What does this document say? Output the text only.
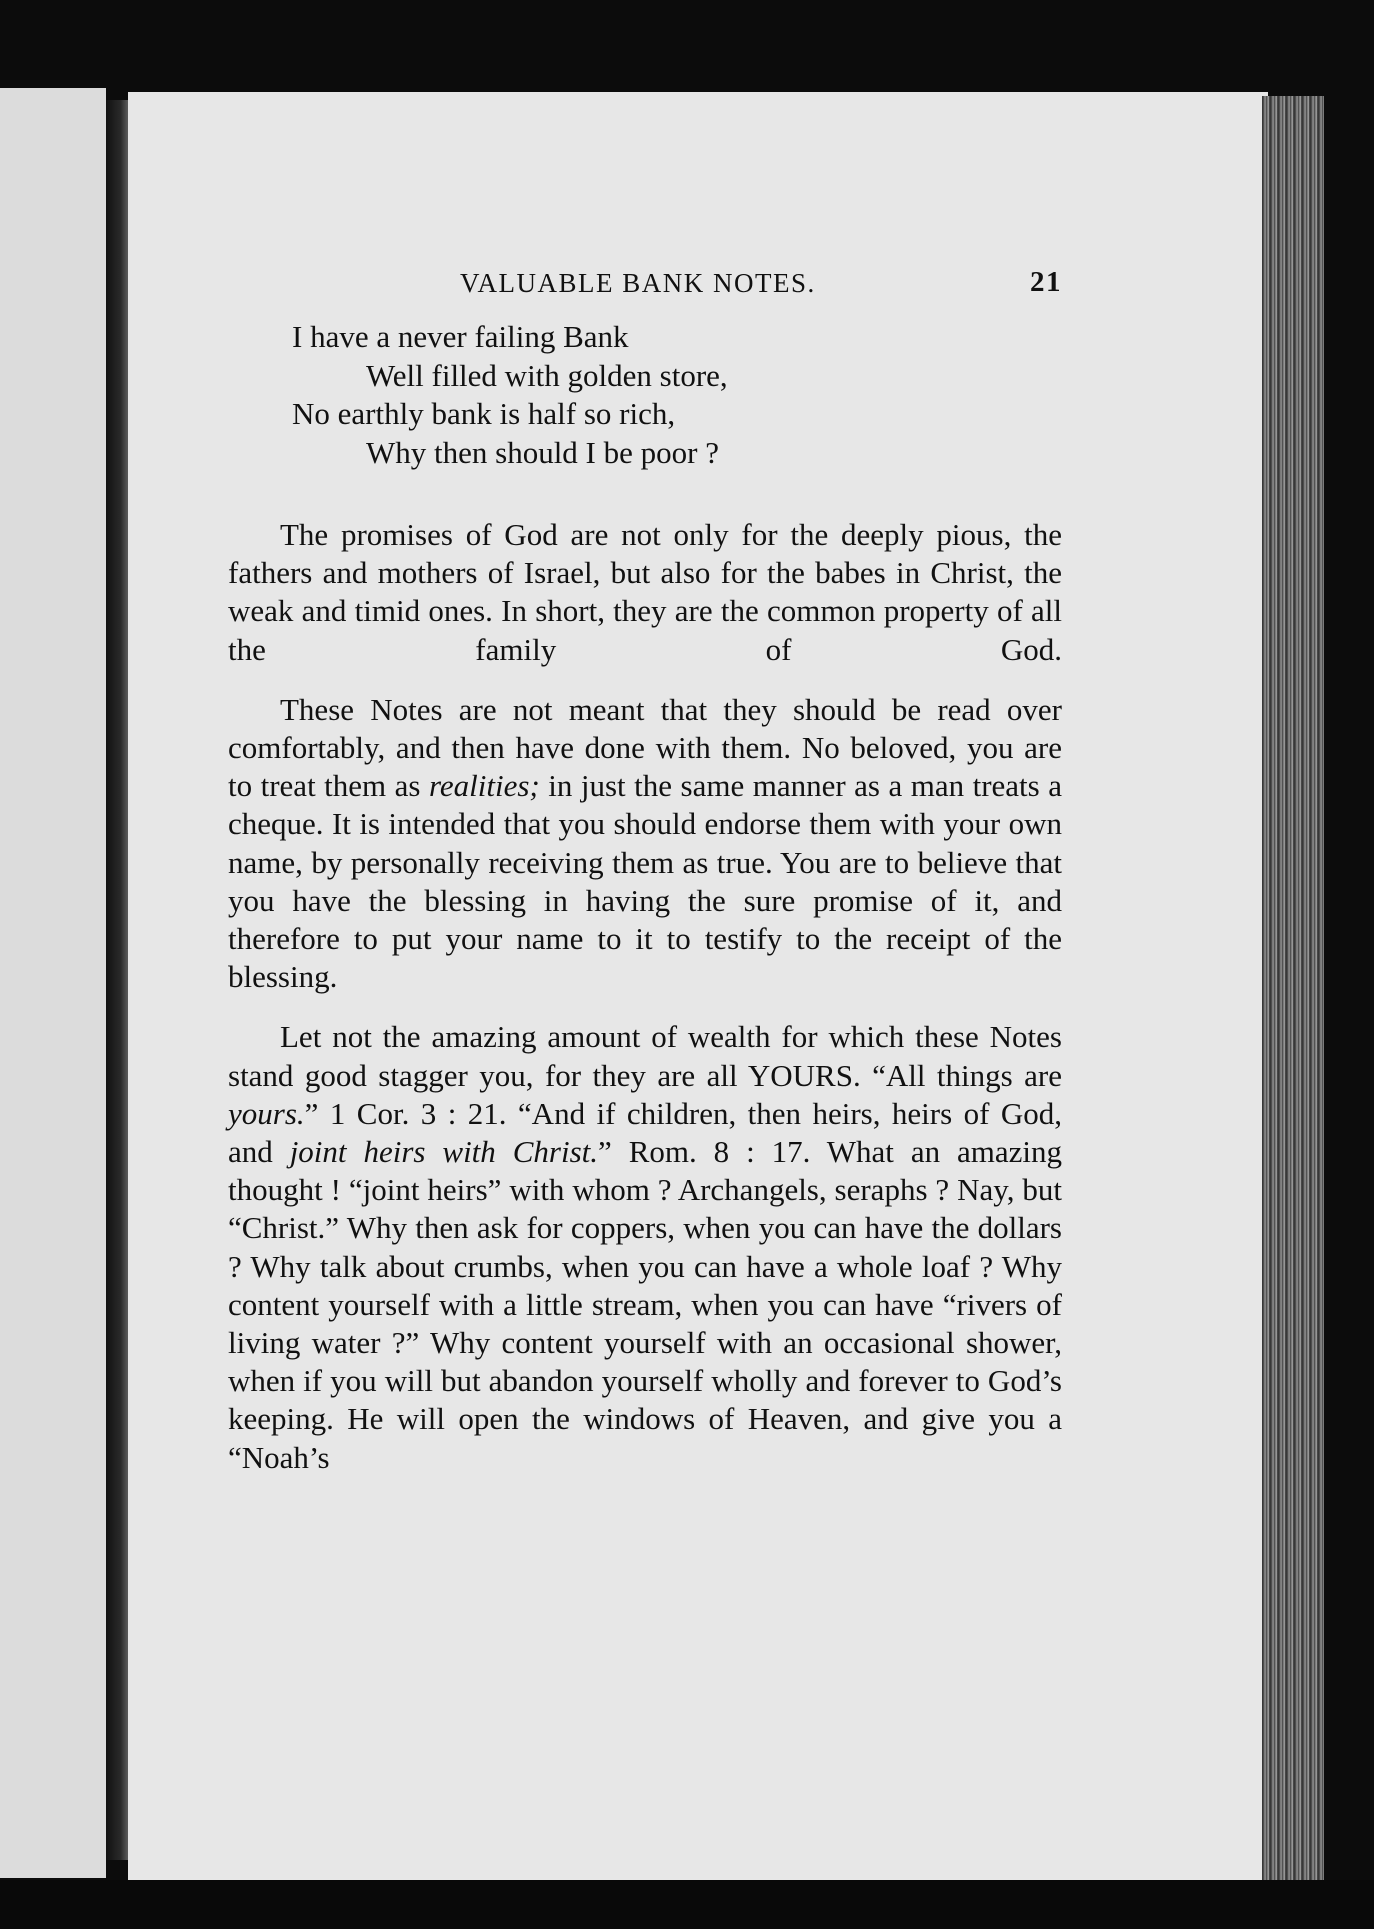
VALUABLE BANK NOTES.	21
I have a never failing Bank
Well filled with golden store,
No earthly bank is half so rich,
Why then should I be poor ?

The promises of God are not only for the deeply pious, the fathers and mothers of Israel, but also for the babes in Christ, the weak and timid ones. In short, they are the common property of all the family of God.

These Notes are not meant that they should be read over comfortably, and then have done with them. No beloved, you are to treat them as realities; in just the same manner as a man treats a cheque. It is intended that you should endorse them with your own name, by personally receiving them as true. You are to believe that you have the blessing in having the sure promise of it, and therefore to put your name to it to testify to the receipt of the blessing.

Let not the amazing amount of wealth for which these Notes stand good stagger you, for they are all YOURS. “All things are yours.” 1 Cor. 3 : 21. “And if children, then heirs, heirs of God, and joint heirs with Christ.” Rom. 8 : 17. What an amazing thought ! “joint heirs” with whom ? Archangels, seraphs ? Nay, but “Christ.” Why then ask for coppers, when you can have the dollars ? Why talk about crumbs, when you can have a whole loaf ? Why content yourself with a little stream, when you can have “rivers of living water ?” Why content yourself with an occasional shower, when if you will but abandon yourself wholly and forever to God’s keeping. He will open the windows of Heaven, and give you a “Noah’s
